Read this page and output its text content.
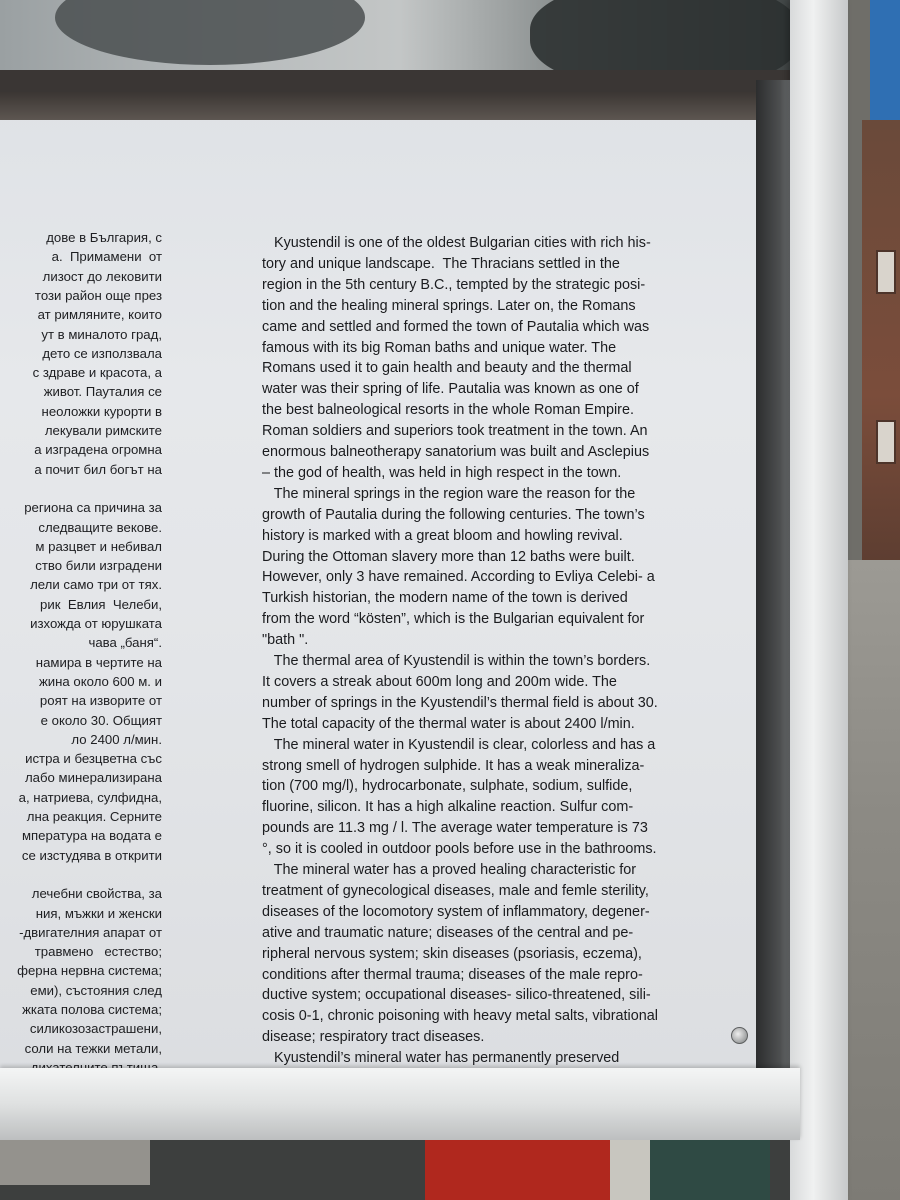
дове в България, с
а.  Примамени  от
лизост до лековити
този район още през
ат римляните, които
ут в миналото град,
дето се използвала
с здраве и красота, а
живот. Пауталия се
неоложки курорти в
лекували римските
а изградена огромна
а почит бил богът на
региона са причина за
следващите векове.
м разцвет и небивал
ство били изградени
лели само три от тях.
рик  Евлия  Челеби,
изхожда от юрушката
чава „баня“.
намира в чертите на
жина около 600 м. и
роят на изворите от
е около 30. Общият
ло 2400 л/мин.
истра и безцветна със
лабо минерализирана
а, натриева, сулфидна,
лна реакция. Серните
мпература на водата е
се изстудява в открити
лечебни свойства, за
ния, мъжки и женски
-двигателния апарат от
травмено   естество;
ферна нервна система;
еми), състояния след
жката полова система;
силикозозастрашени,
соли на тежки метали,
Kyustendil is one of the oldest Bulgarian cities with rich his-
tory and unique landscape.  The Thracians settled in the
region in the 5th century B.C., tempted by the strategic posi-
tion and the healing mineral springs. Later on, the Romans
came and settled and formed the town of Pautalia which was
famous with its big Roman baths and unique water. The
Romans used it to gain health and beauty and the thermal
water was their spring of life. Pautalia was known as one of
the best balneological resorts in the whole Roman Empire.
Roman soldiers and superiors took treatment in the town. An
enormous balneotherapy sanatorium was built and Asclepius
– the god of health, was held in high respect in the town.
The mineral springs in the region ware the reason for the
growth of Pautalia during the following centuries. The town’s
history is marked with a great bloom and howling revival.
During the Ottoman slavery more than 12 baths were built.
However, only 3 have remained. According to Evliya Celebi- a
Turkish historian, the modern name of the town is derived
from the word “kösten”, which is the Bulgarian equivalent for
"bath ".
The thermal area of Kyustendil is within the town’s borders.
It covers a streak about 600m long and 200m wide. The
number of springs in the Kyustendil’s thermal field is about 30.
The total capacity of the thermal water is about 2400 l/min.
The mineral water in Kyustendil is clear, colorless and has a
strong smell of hydrogen sulphide. It has a weak mineraliza-
tion (700 mg/l), hydrocarbonate, sulphate, sodium, sulfide,
fluorine, silicon. It has a high alkaline reaction. Sulfur com-
pounds are 11.3 mg / l. The average water temperature is 73
°, so it is cooled in outdoor pools before use in the bathrooms.
The mineral water has a proved healing characteristic for
treatment of gynecological diseases, male and femle sterility,
diseases of the locomotory system of inflammatory, degener-
ative and traumatic nature; diseases of the central and pe-
ripheral nervous system; skin diseases (psoriasis, eczema),
conditions after thermal trauma; diseases of the male repro-
ductive system; occupational diseases- silico-threatened, sili-
cosis 0-1, chronic poisoning with heavy metal salts, vibrational
disease; respiratory tract diseases.
Kyustendil’s mineral water has permanently preserved
